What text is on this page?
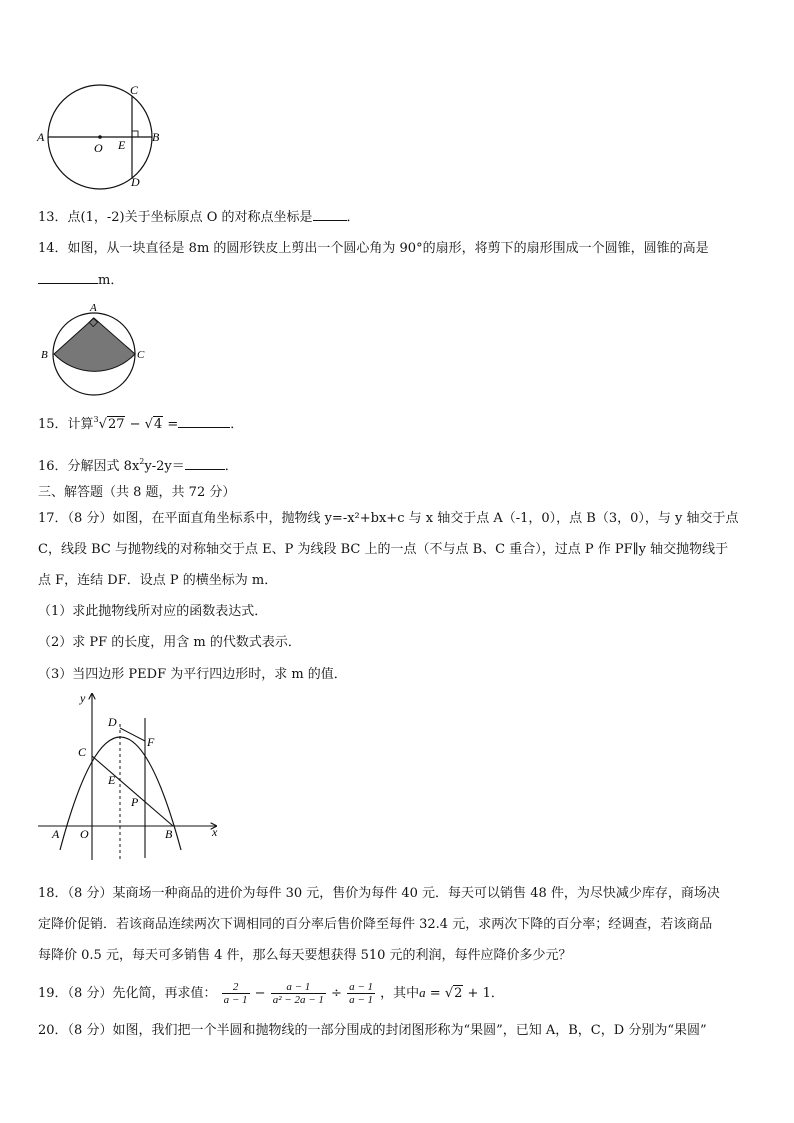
A	B
C
D
O E
13．点(1，-2)关于坐标原点 O 的对称点坐标是	．
14．如图，从一块直径是 8m 的圆形铁皮上剪出一个圆心角为 90°的扇形，将剪下的扇形围成一个圆锥，圆锥的高是
m．
A
B	C
15．计算$^3$√27 − √4 =	．
16．分解因式 $8x^2y-2y=$	．
三、解答题（共 8 题，共 72 分）
17．（8 分）如图，在平面直角坐标系中，抛物线 y=-x²+bx+c 与 x 轴交于点 A（-1，0），点 B（3，0），与 y 轴交于点
C，线段 BC 与抛物线的对称轴交于点 E、P 为线段 BC 上的一点（不与点 B、C 重合），过点 P 作 PF∥y 轴交抛物线于
点 F，连结 DF．设点 P 的横坐标为 m．
（1）求此抛物线所对应的函数表达式．
（2）求 PF 的长度，用含 m 的代数式表示．
（3）当四边形 PEDF 为平行四边形时，求 m 的值．
y
x
D
F
C
E
P
A O	B
18．（8 分）某商场一种商品的进价为每件 30 元，售价为每件 40 元．每天可以销售 48 件，为尽快减少库存，商场决
定降价促销．若该商品连续两次下调相同的百分率后售价降至每件 32.4 元，求两次下降的百分率；经调查，若该商品
每降价 0.5 元，每天可多销售 4 件，那么每天要想获得 510 元的利润，每件应降价多少元？
19．（8 分）先化简，再求值： $\frac{2}{a - 1} - \frac{a - 1}{\text{a² − 2a − 1}} \div \frac{a - 1}{a - 1}$ ，其中a = √2 + 1．
20．（8 分）如图，我们把一个半圆和抛物线的一部分围成的封闭图形称为“果圆”，已知 A，B，C，D 分别为“果圆”
